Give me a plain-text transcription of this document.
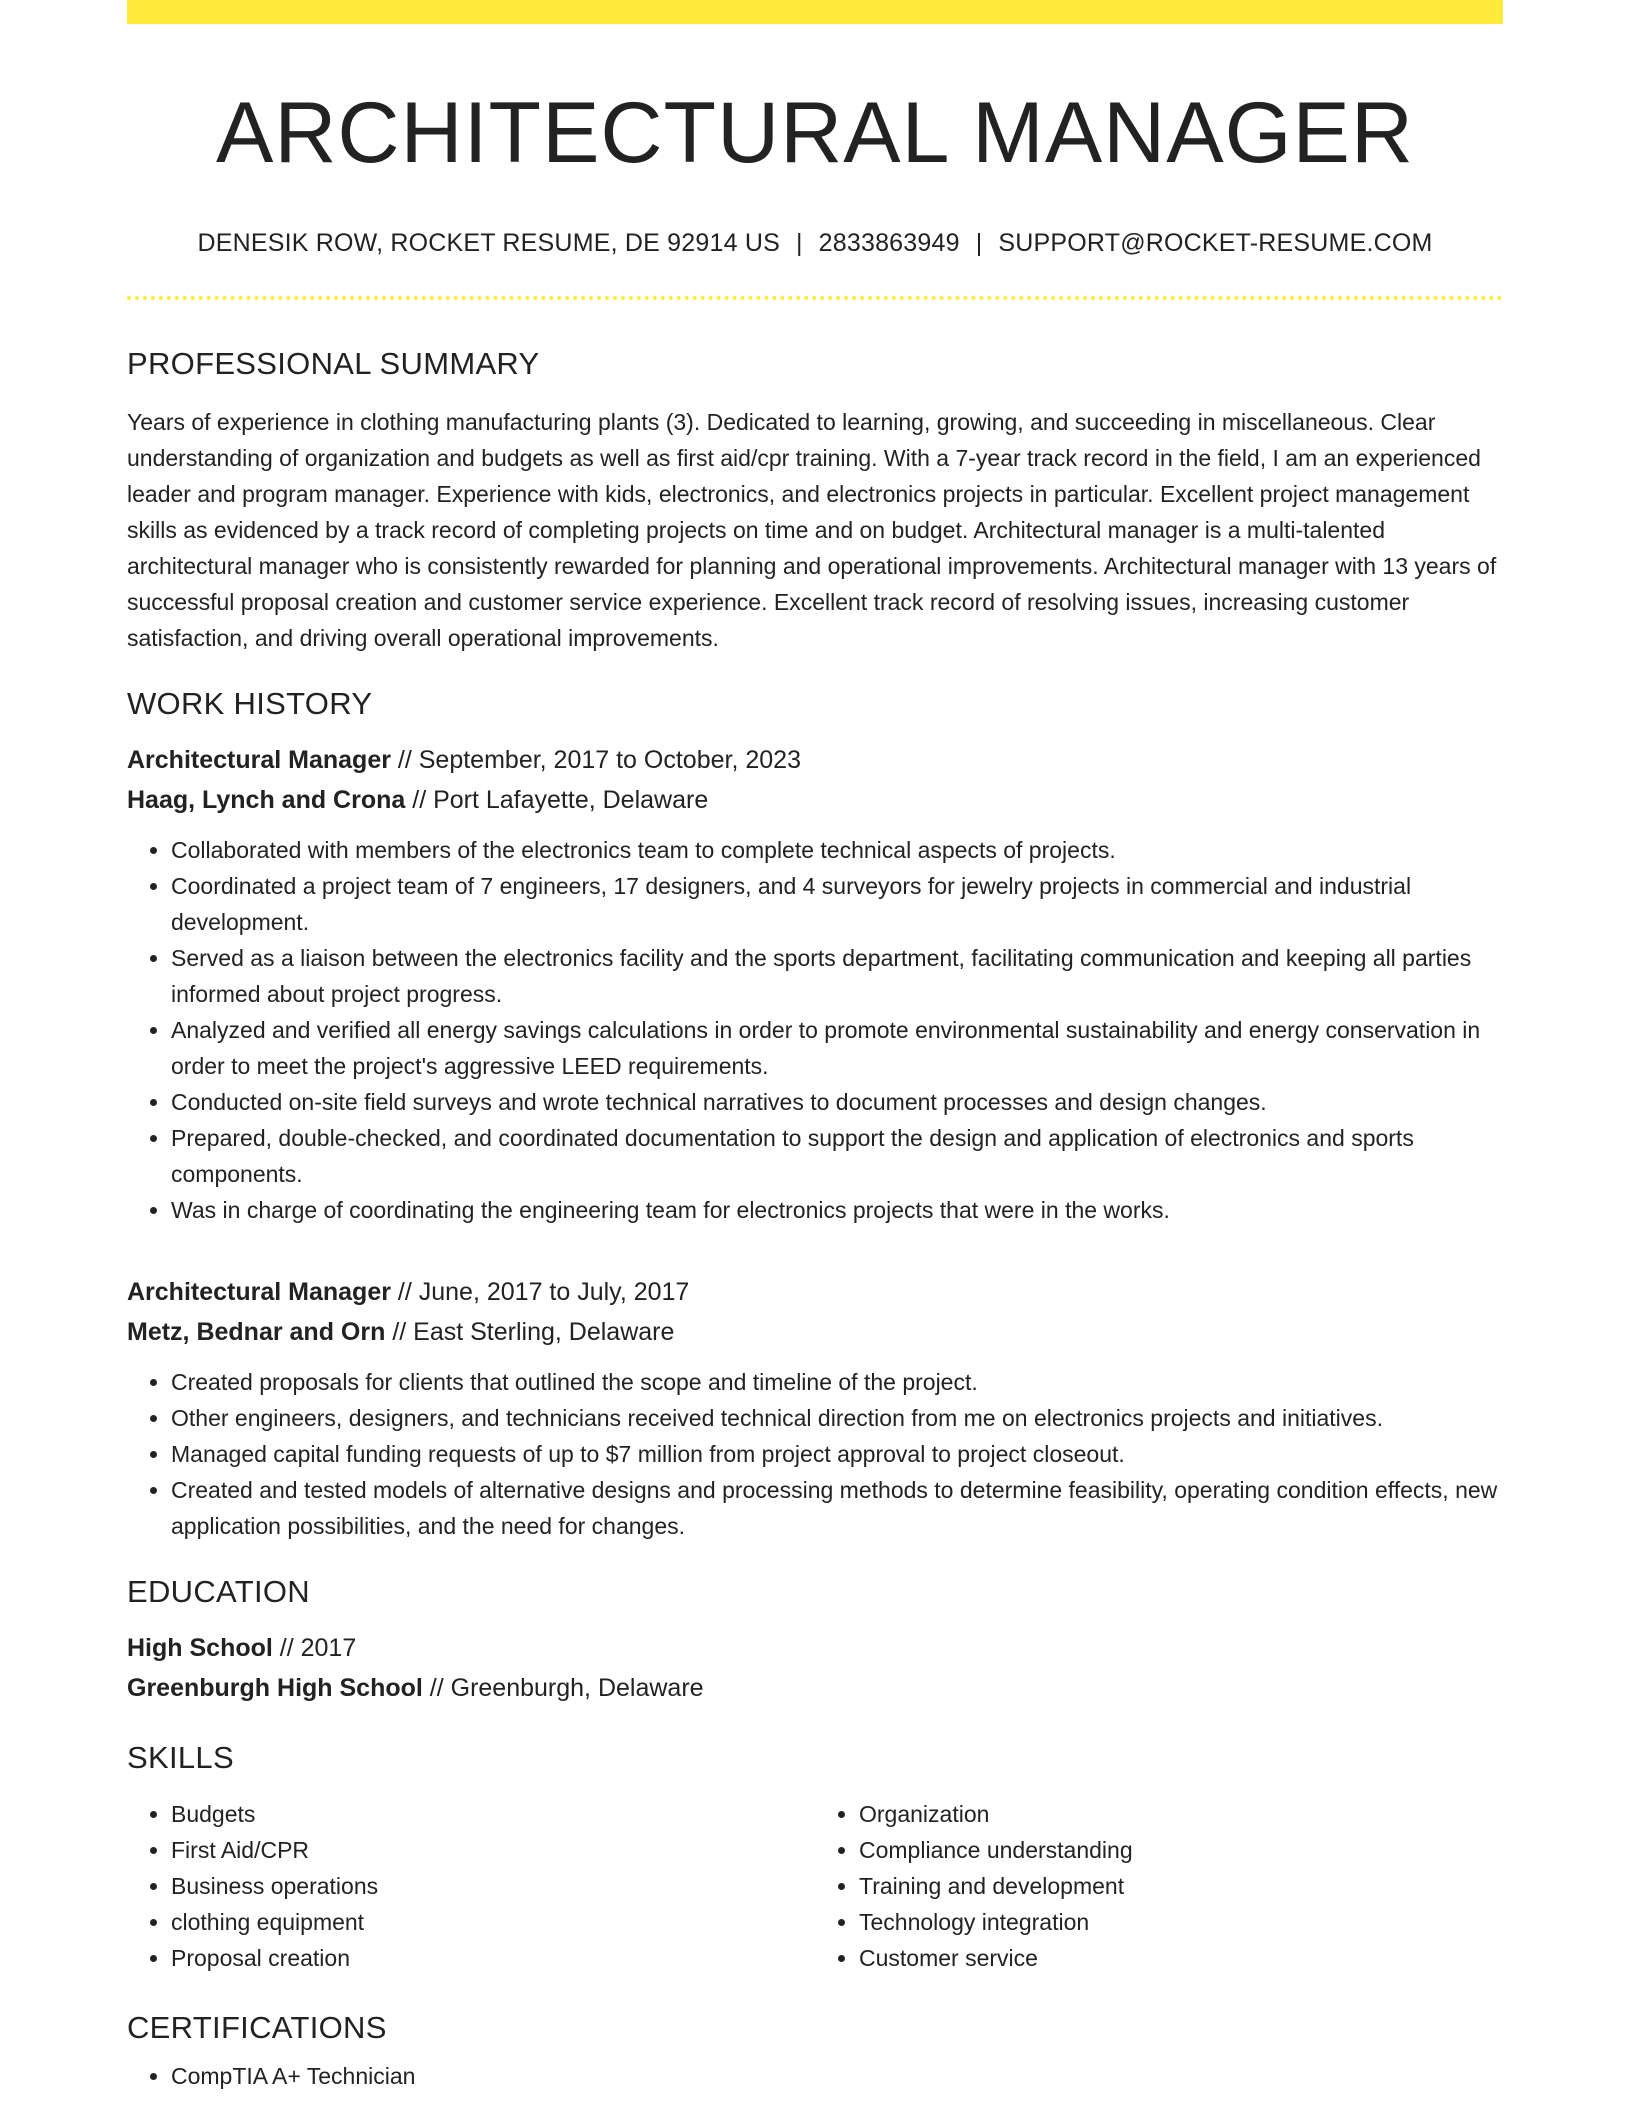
ARCHITECTURAL MANAGER
DENESIK ROW, ROCKET RESUME, DE 92914 US | 2833863949 | SUPPORT@ROCKET-RESUME.COM
PROFESSIONAL SUMMARY
Years of experience in clothing manufacturing plants (3). Dedicated to learning, growing, and succeeding in miscellaneous. Clear understanding of organization and budgets as well as first aid/cpr training. With a 7-year track record in the field, I am an experienced leader and program manager. Experience with kids, electronics, and electronics projects in particular. Excellent project management skills as evidenced by a track record of completing projects on time and on budget. Architectural manager is a multi-talented architectural manager who is consistently rewarded for planning and operational improvements. Architectural manager with 13 years of successful proposal creation and customer service experience. Excellent track record of resolving issues, increasing customer satisfaction, and driving overall operational improvements.
WORK HISTORY
Architectural Manager // September, 2017 to October, 2023
Haag, Lynch and Crona // Port Lafayette, Delaware
• Collaborated with members of the electronics team to complete technical aspects of projects.
• Coordinated a project team of 7 engineers, 17 designers, and 4 surveyors for jewelry projects in commercial and industrial development.
• Served as a liaison between the electronics facility and the sports department, facilitating communication and keeping all parties informed about project progress.
• Analyzed and verified all energy savings calculations in order to promote environmental sustainability and energy conservation in order to meet the project's aggressive LEED requirements.
• Conducted on-site field surveys and wrote technical narratives to document processes and design changes.
• Prepared, double-checked, and coordinated documentation to support the design and application of electronics and sports components.
• Was in charge of coordinating the engineering team for electronics projects that were in the works.
Architectural Manager // June, 2017 to July, 2017
Metz, Bednar and Orn // East Sterling, Delaware
• Created proposals for clients that outlined the scope and timeline of the project.
• Other engineers, designers, and technicians received technical direction from me on electronics projects and initiatives.
• Managed capital funding requests of up to $7 million from project approval to project closeout.
• Created and tested models of alternative designs and processing methods to determine feasibility, operating condition effects, new application possibilities, and the need for changes.
EDUCATION
High School // 2017
Greenburgh High School // Greenburgh, Delaware
SKILLS
• Budgets
• First Aid/CPR
• Business operations
• clothing equipment
• Proposal creation
• Organization
• Compliance understanding
• Training and development
• Technology integration
• Customer service
CERTIFICATIONS
• CompTIA A+ Technician
